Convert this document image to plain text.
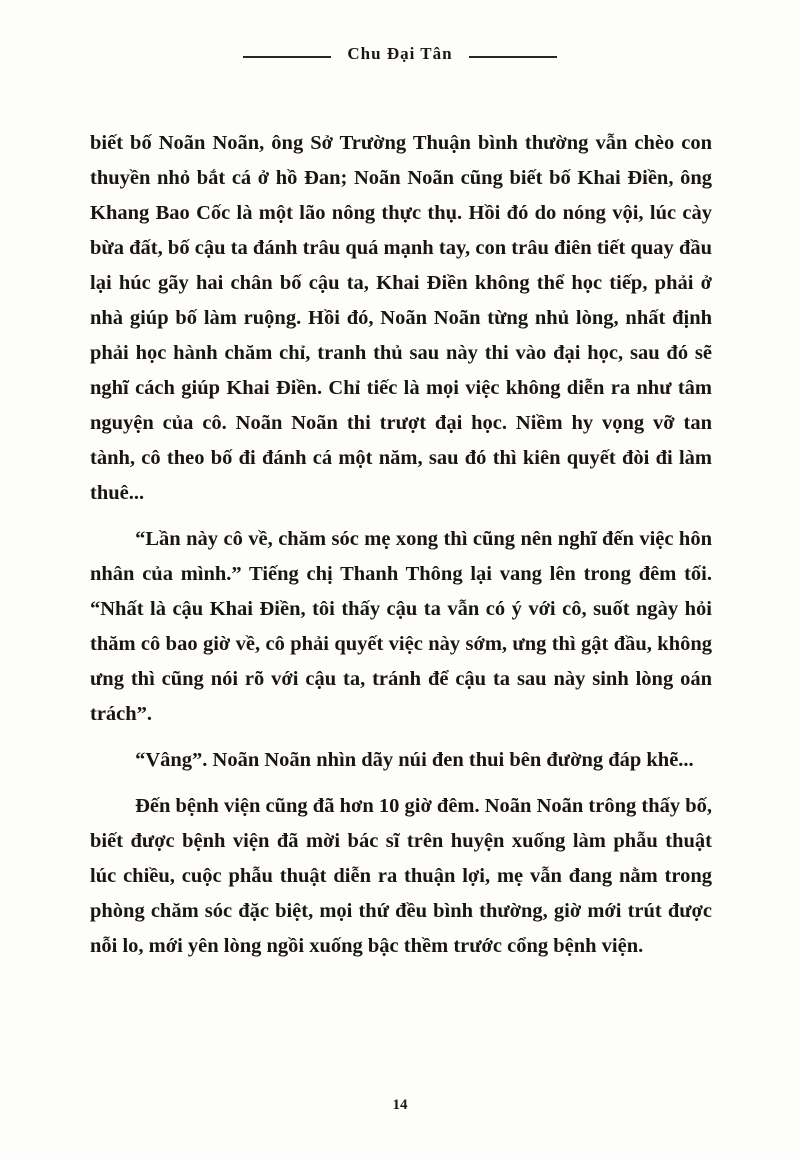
Chu Đại Tân

biết bố Noãn Noãn, ông Sở Trường Thuận bình thường vẫn chèo con thuyền nhỏ bắt cá ở hồ Đan; Noãn Noãn cũng biết bố Khai Điền, ông Khang Bao Cốc là một lão nông thực thụ. Hồi đó do nóng vội, lúc cày bừa đất, bố cậu ta đánh trâu quá mạnh tay, con trâu điên tiết quay đầu lại húc gãy hai chân bố cậu ta, Khai Điền không thể học tiếp, phải ở nhà giúp bố làm ruộng. Hồi đó, Noãn Noãn từng nhủ lòng, nhất định phải học hành chăm chỉ, tranh thủ sau này thi vào đại học, sau đó sẽ nghĩ cách giúp Khai Điền. Chỉ tiếc là mọi việc không diễn ra như tâm nguyện của cô. Noãn Noãn thi trượt đại học. Niềm hy vọng vỡ tan tành, cô theo bố đi đánh cá một năm, sau đó thì kiên quyết đòi đi làm thuê...

“Lần này cô về, chăm sóc mẹ xong thì cũng nên nghĩ đến việc hôn nhân của mình.” Tiếng chị Thanh Thông lại vang lên trong đêm tối. “Nhất là cậu Khai Điền, tôi thấy cậu ta vẫn có ý với cô, suốt ngày hỏi thăm cô bao giờ về, cô phải quyết việc này sớm, ưng thì gật đầu, không ưng thì cũng nói rõ với cậu ta, tránh để cậu ta sau này sinh lòng oán trách”.

“Vâng”. Noãn Noãn nhìn dãy núi đen thui bên đường đáp khẽ...

Đến bệnh viện cũng đã hơn 10 giờ đêm. Noãn Noãn trông thấy bố, biết được bệnh viện đã mời bác sĩ trên huyện xuống làm phẫu thuật lúc chiều, cuộc phẫu thuật diễn ra thuận lợi, mẹ vẫn đang nằm trong phòng chăm sóc đặc biệt, mọi thứ đều bình thường, giờ mới trút được nỗi lo, mới yên lòng ngồi xuống bậc thềm trước cổng bệnh viện.

14
